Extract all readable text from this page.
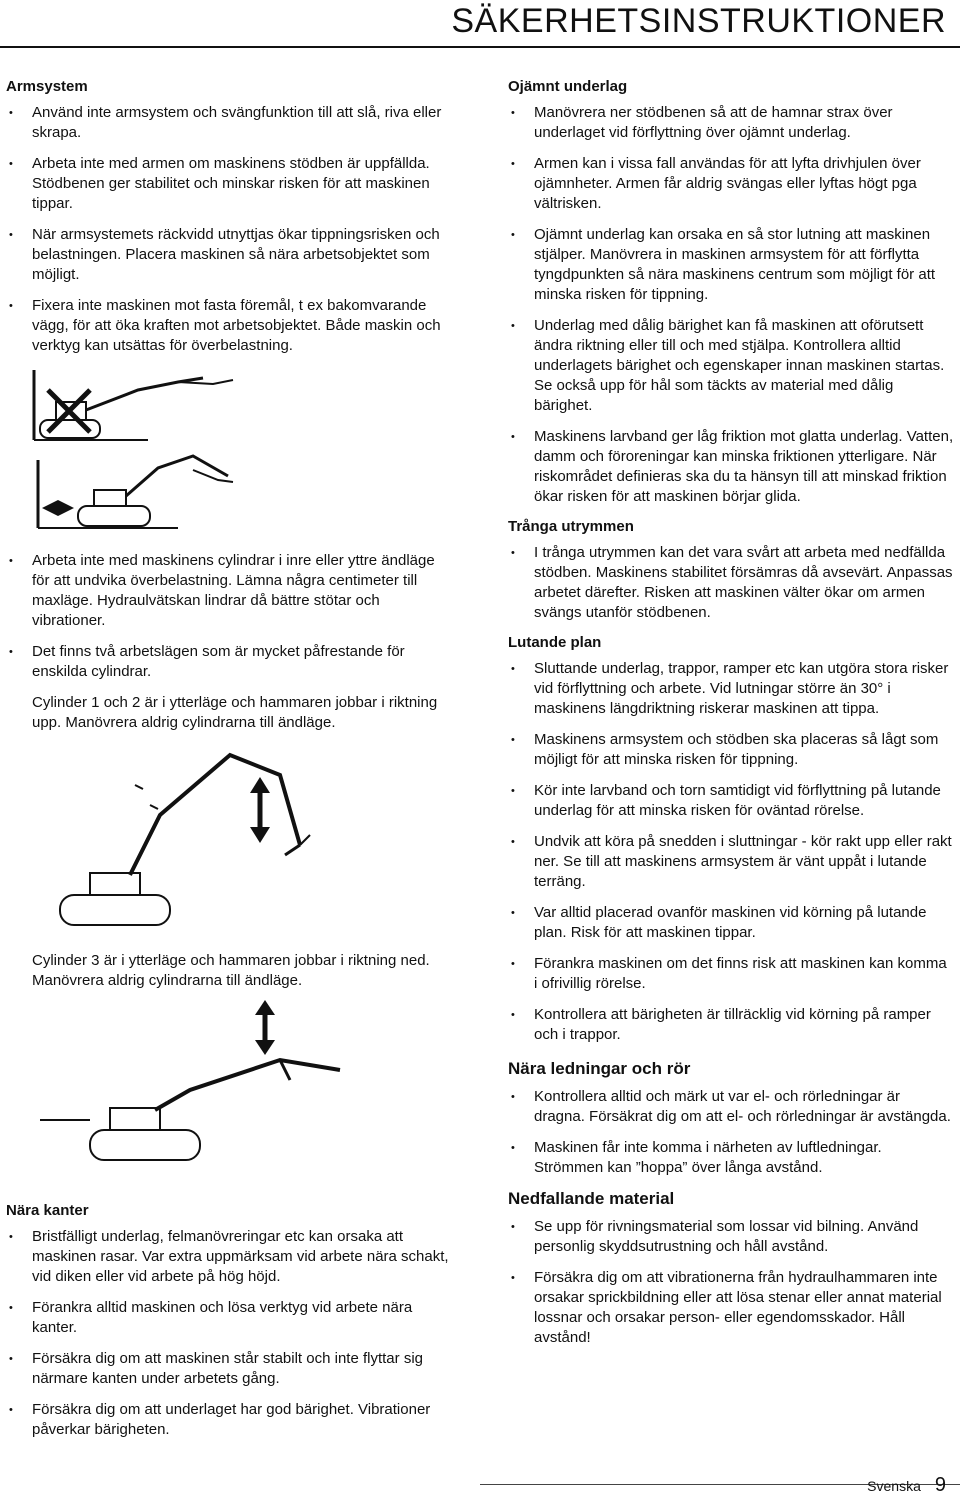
SÄKERHETSINSTRUKTIONER
Armsystem
• Använd inte armsystem och svängfunktion till att slå, riva eller skrapa.
• Arbeta inte med armen om maskinens stödben är uppfällda. Stödbenen ger stabilitet och minskar risken för att maskinen tippar.
• När armsystemets räckvidd utnyttjas ökar tippningsrisken och belastningen. Placera maskinen så nära arbetsobjektet som möjligt.
• Fixera inte maskinen mot fasta föremål, t ex bakomvarande vägg, för att öka kraften mot arbetsobjektet. Både maskin och verktyg kan utsättas för överbelastning.
• Arbeta inte med maskinens cylindrar i inre eller yttre ändläge för att undvika överbelastning. Lämna några centimeter till maxläge. Hydraulvätskan lindrar då bättre stötar och vibrationer.
• Det finns två arbetslägen som är mycket påfrestande för enskilda cylindrar.

Cylinder 1 och 2 är i ytterläge och hammaren jobbar i riktning upp. Manövrera aldrig cylindrarna till ändläge.

Cylinder 3 är i ytterläge och hammaren jobbar i riktning ned. Manövrera aldrig cylindrarna till ändläge.

Nära kanter
• Bristfälligt underlag, felmanövreringar etc kan orsaka att maskinen rasar. Var extra uppmärksam vid arbete nära schakt, vid diken eller vid arbete på hög höjd.
• Förankra alltid maskinen och lösa verktyg vid arbete nära kanter.
• Försäkra dig om att maskinen står stabilt och inte flyttar sig närmare kanten under arbetets gång.
• Försäkra dig om att underlaget har god bärighet. Vibrationer påverkar bärigheten.
Ojämnt underlag
• Manövrera ner stödbenen så att de hamnar strax över underlaget vid förflyttning över ojämnt underlag.
• Armen kan i vissa fall användas för att lyfta drivhjulen över ojämnheter. Armen får aldrig svängas eller lyftas högt pga vältrisken.
• Ojämnt underlag kan orsaka en så stor lutning att maskinen stjälper. Manövrera in maskinen armsystem för att förflytta tyngdpunkten så nära maskinens centrum som möjligt för att minska risken för tippning.
• Underlag med dålig bärighet kan få maskinen att oförutsett ändra riktning eller till och med stjälpa. Kontrollera alltid underlagets bärighet och egenskaper innan maskinen startas. Se också upp för hål som täckts av material med dålig bärighet.
• Maskinens larvband ger låg friktion mot glatta underlag. Vatten, damm och föroreningar kan minska friktionen ytterligare. När riskområdet definieras ska du ta hänsyn till att minskad friktion ökar risken för att maskinen börjar glida.
Trånga utrymmen
• I trånga utrymmen kan det vara svårt att arbeta med nedfällda stödben. Maskinens stabilitet försämras då avsevärt. Anpassas arbetet därefter. Risken att maskinen välter ökar om armen svängs utanför stödbenen.
Lutande plan
• Sluttande underlag, trappor, ramper etc kan utgöra stora risker vid förflyttning och arbete. Vid lutningar större än 30° i maskinens längdriktning riskerar maskinen att tippa.
• Maskinens armsystem och stödben ska placeras så lågt som möjligt för att minska risken för tippning.
• Kör inte larvband och torn samtidigt vid förflyttning på lutande underlag för att minska risken för oväntad rörelse.
• Undvik att köra på snedden i sluttningar - kör rakt upp eller rakt ner. Se till att maskinens armsystem är vänt uppåt i lutande terräng.
• Var alltid placerad ovanför maskinen vid körning på lutande plan. Risk för att maskinen tippar.
• Förankra maskinen om det finns risk att maskinen kan komma i ofrivillig rörelse.
• Kontrollera att bärigheten är tillräcklig vid körning på ramper och i trappor.
Nära ledningar och rör
• Kontrollera alltid och märk ut var el- och rörledningar är dragna. Försäkrat dig om att el- och rörledningar är avstängda.
• Maskinen får inte komma i närheten av luftledningar. Strömmen kan ”hoppa” över långa avstånd.
Nedfallande material
• Se upp för rivningsmaterial som lossar vid bilning. Använd personlig skyddsutrustning och håll avstånd.
• Försäkra dig om att vibrationerna från hydraulhammaren inte orsakar sprickbildning eller att lösa stenar eller annat material lossnar och orsakar person- eller egendomsskador. Håll avstånd!
Svenska 9
